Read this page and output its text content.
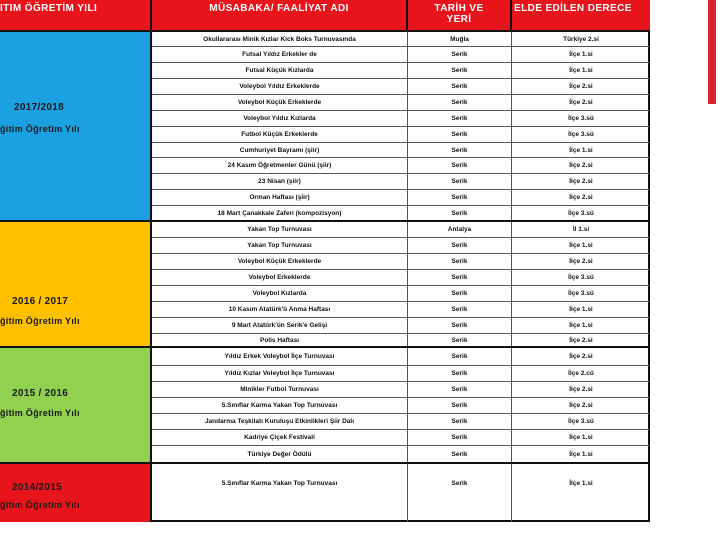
ITIM ÖĞRETİM YILI	MÜSABAKA/ FAALİYAT ADI	TARİH VE
YERİ
ELDE EDİLEN DERECE
2017/2018
ğitim Öğretim Yılı
2016 / 2017
ğitim Öğretim Yılı
2015 / 2016
ğitim Öğretim Yılı
2014/2015
ğitim Öğretim Yılı
Okullararası Minik Kızlar Kick Boks Turnuvasında	Muğla	Türkiye 2.si
Futsal Yıldız Erkekler de	Serik	İlçe 1.si
Futsal Küçük Kızlarda	Serik	İlçe 1.si
Voleybol Yıldız Erkeklerde	Serik	İlçe 2.si
Voleybol Küçük Erkeklerde	Serik	İlçe 2.si
Voleybol Yıldız Kızlarda	Serik	İlçe 3.sü
Futbol Küçük Erkeklerde	Serik	İlçe 3.sü
Cumhuriyet Bayramı (şiir)	Serik	İlçe 1.si
24 Kasım Öğretmenler Günü (şiir)	Serik	İlçe 2.si
23 Nisan (şiir)	Serik	İlçe 2.si
Orman Haftası (şiir)	Serik	İlçe 2.si
18 Mart Çanakkale Zaferi (kompozisyon)	Serik	İlçe 3.sü
Yakan Top Turnuvası	Antalya	İl 1.si
Yakan Top Turnuvası	Serik	İlçe 1.si
Voleybol Küçük Erkeklerde	Serik	İlçe 2.si
Voleybol Erkeklerde	Serik	İlçe 3.sü
Voleybol Kızlarda	Serik	İlçe 3.sü
10 Kasım Atatürk'ü Anma Haftası	Serik	İlçe 1.si
9 Mart Atatürk'ün Serik'e Gelişi	Serik	İlçe 1.si
Polis Haftası	Serik	İlçe 2.si
Yıldız Erkek Voleybol İlçe Turnuvası	Serik	İlçe 2.si
Yıldız Kızlar Voleybol İlçe Turnuvası	Serik	İlçe 2.cü
Minikler Futbol Turnuvası	Serik	İlçe 2.si
5.Sınıflar Karma Yakan Top Turnuvası	Serik	İlçe 2.si
Jandarma Teşkilatı Kuruluşu Etkinlikleri Şiir Dalı	Serik	İlçe 3.sü
Kadriye Çiçek Festivali	Serik	İlçe 1.si
Türkiye Değer Ödülü	Serik	İlçe 1.si
5.Sınıflar Karma Yakan Top Turnuvası	Serik	İlçe 1.si
